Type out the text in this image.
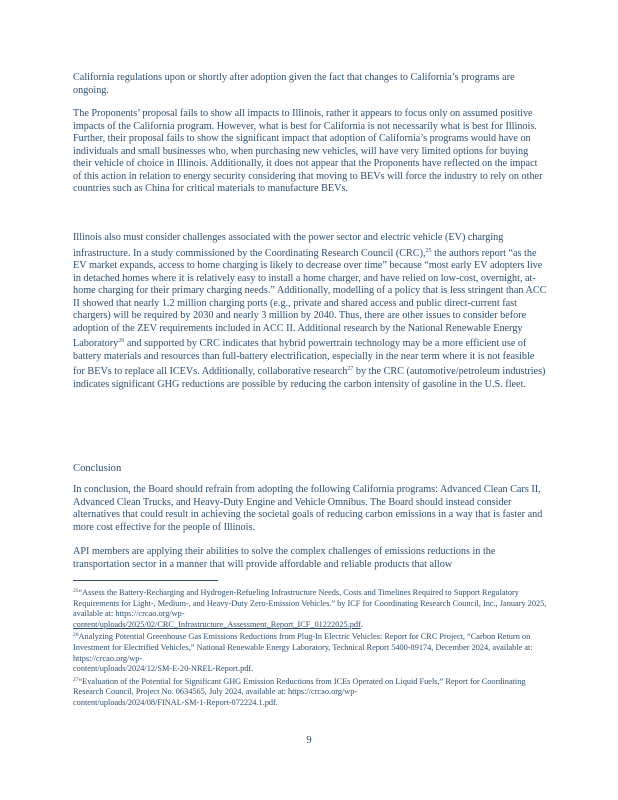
California regulations upon or shortly after adoption given the fact that changes to California’s programs are ongoing.

The Proponents’ proposal fails to show all impacts to Illinois, rather it appears to focus only on assumed positive impacts of the California program. However, what is best for California is not necessarily what is best for Illinois. Further, their proposal fails to show the significant impact that adoption of California’s programs would have on individuals and small businesses who, when purchasing new vehicles, will have very limited options for buying their vehicle of choice in Illinois. Additionally, it does not appear that the Proponents have reflected on the impact of this action in relation to energy security considering that moving to BEVs will force the industry to rely on other countries such as China for critical materials to manufacture BEVs.

Illinois also must consider challenges associated with the power sector and electric vehicle (EV) charging infrastructure. In a study commissioned by the Coordinating Research Council (CRC),$^{25}$ the authors report “as the EV market expands, access to home charging is likely to decrease over time” because “most early EV adopters live in detached homes where it is relatively easy to install a home charger, and have relied on low-cost, overnight, at-home charging for their primary charging needs.” Additionally, modelling of a policy that is less stringent than ACC II showed that nearly 1.2 million charging ports (e.g., private and shared access and public direct-current fast chargers) will be required by 2030 and nearly 3 million by 2040. Thus, there are other issues to consider before adoption of the ZEV requirements included in ACC II. Additional research by the National Renewable Energy Laboratory$^{26}$ and supported by CRC indicates that hybrid powertrain technology may be a more efficient use of battery materials and resources than full-battery electrification, especially in the near term where it is not feasible for BEVs to replace all ICEVs. Additionally, collaborative research$^{27}$ by the CRC (automotive/petroleum industries) indicates significant GHG reductions are possible by reducing the carbon intensity of gasoline in the U.S. fleet.

Conclusion

In conclusion, the Board should refrain from adopting the following California programs: Advanced Clean Cars II, Advanced Clean Trucks, and Heavy-Duty Engine and Vehicle Omnibus. The Board should instead consider alternatives that could result in achieving the societal goals of reducing carbon emissions in a way that is faster and more cost effective for the people of Illinois.

API members are applying their abilities to solve the complex challenges of emissions reductions in the transportation sector in a manner that will provide affordable and reliable products that allow

$^{25}$“Assess the Battery-Recharging and Hydrogen-Refueling Infrastructure Needs, Costs and Timelines Required to Support Regulatory Requirements for Light-, Medium-, and Heavy-Duty Zero-Emission Vehicles.” by ICF for Coordinating Research Council, Inc., January 2025, available at: https://crcao.org/wp-
content/uploads/2025/02/CRC_Infrastructure_Assessment_Report_ICF_01222025.pdf.

$^{26}$Analyzing Potential Greenhouse Gas Emissions Reductions from Plug-In Electric Vehicles: Report for CRC Project, “Carbon Return on Investment for Electrified Vehicles,” National Renewable Energy Laboratory, Technical Report 5400-89174, December 2024, available at: https://crcao.org/wp-
content/uploads/2024/12/SM-E-20-NREL-Report.pdf.

$^{27}$“Evaluation of the Potential for Significant GHG Emission Reductions from ICEs Operated on Liquid Fuels,” Report for Coordinating Research Council, Project No. 0634565, July 2024, available at: https://crcao.org/wp-
content/uploads/2024/08/FINAL-SM-1-Report-072224.1.pdf.

9
